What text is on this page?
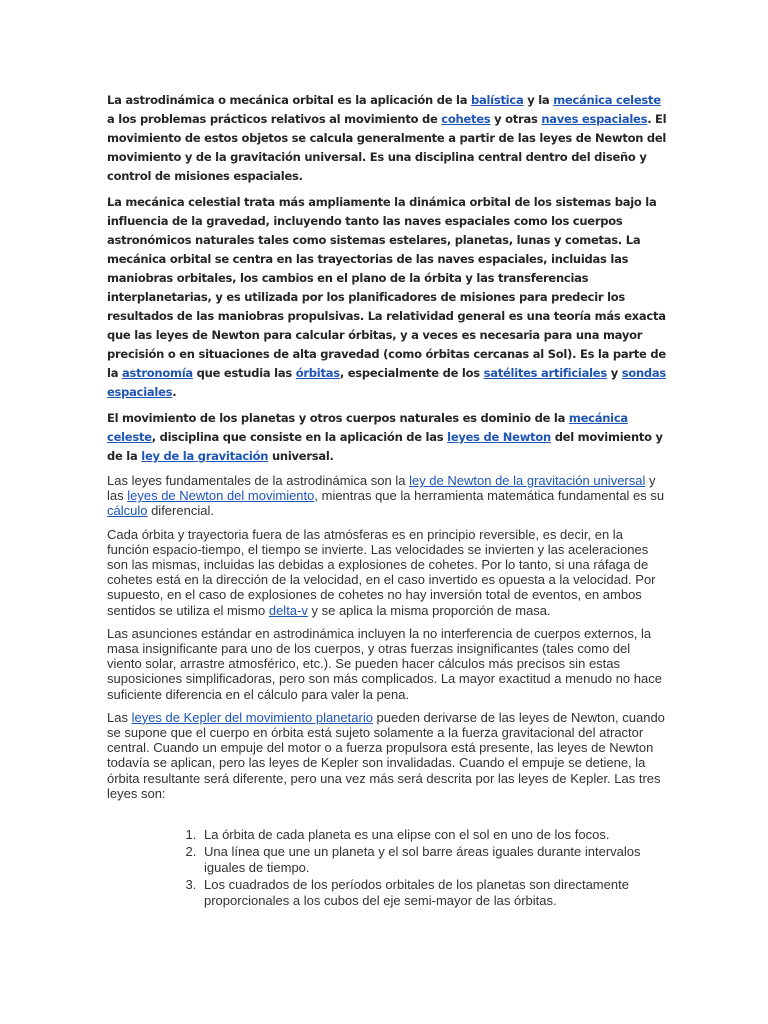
La astrodinámica o mecánica orbital es la aplicación de la balística y la mecánica celeste a los problemas prácticos relativos al movimiento de cohetes y otras naves espaciales. El movimiento de estos objetos se calcula generalmente a partir de las leyes de Newton del movimiento y de la gravitación universal. Es una disciplina central dentro del diseño y control de misiones espaciales.

La mecánica celestial trata más ampliamente la dinámica orbital de los sistemas bajo la influencia de la gravedad, incluyendo tanto las naves espaciales como los cuerpos astronómicos naturales tales como sistemas estelares, planetas, lunas y cometas. La mecánica orbital se centra en las trayectorias de las naves espaciales, incluidas las maniobras orbitales, los cambios en el plano de la órbita y las transferencias interplanetarias, y es utilizada por los planificadores de misiones para predecir los resultados de las maniobras propulsivas. La relatividad general es una teoría más exacta que las leyes de Newton para calcular órbitas, y a veces es necesaria para una mayor precisión o en situaciones de alta gravedad (como órbitas cercanas al Sol). Es la parte de la astronomía que estudia las órbitas, especialmente de los satélites artificiales y sondas espaciales.

El movimiento de los planetas y otros cuerpos naturales es dominio de la mecánica celeste, disciplina que consiste en la aplicación de las leyes de Newton del movimiento y de la ley de la gravitación universal.

Las leyes fundamentales de la astrodinámica son la ley de Newton de la gravitación universal y las leyes de Newton del movimiento, mientras que la herramienta matemática fundamental es su cálculo diferencial.

Cada órbita y trayectoria fuera de las atmósferas es en principio reversible, es decir, en la función espacio-tiempo, el tiempo se invierte. Las velocidades se invierten y las aceleraciones son las mismas, incluidas las debidas a explosiones de cohetes. Por lo tanto, si una ráfaga de cohetes está en la dirección de la velocidad, en el caso invertido es opuesta a la velocidad. Por supuesto, en el caso de explosiones de cohetes no hay inversión total de eventos, en ambos sentidos se utiliza el mismo delta-v y se aplica la misma proporción de masa.

Las asunciones estándar en astrodinámica incluyen la no interferencia de cuerpos externos, la masa insignificante para uno de los cuerpos, y otras fuerzas insignificantes (tales como del viento solar, arrastre atmosférico, etc.). Se pueden hacer cálculos más precisos sin estas suposiciones simplificadoras, pero son más complicados. La mayor exactitud a menudo no hace suficiente diferencia en el cálculo para valer la pena.

Las leyes de Kepler del movimiento planetario pueden derivarse de las leyes de Newton, cuando se supone que el cuerpo en órbita está sujeto solamente a la fuerza gravitacional del atractor central. Cuando un empuje del motor o a fuerza propulsora está presente, las leyes de Newton todavía se aplican, pero las leyes de Kepler son invalidadas. Cuando el empuje se detiene, la órbita resultante será diferente, pero una vez más será descrita por las leyes de Kepler. Las tres leyes son:

1. La órbita de cada planeta es una elipse con el sol en uno de los focos.
2. Una línea que une un planeta y el sol barre áreas iguales durante intervalos iguales de tiempo.
3. Los cuadrados de los períodos orbitales de los planetas son directamente proporcionales a los cubos del eje semi-mayor de las órbitas.
